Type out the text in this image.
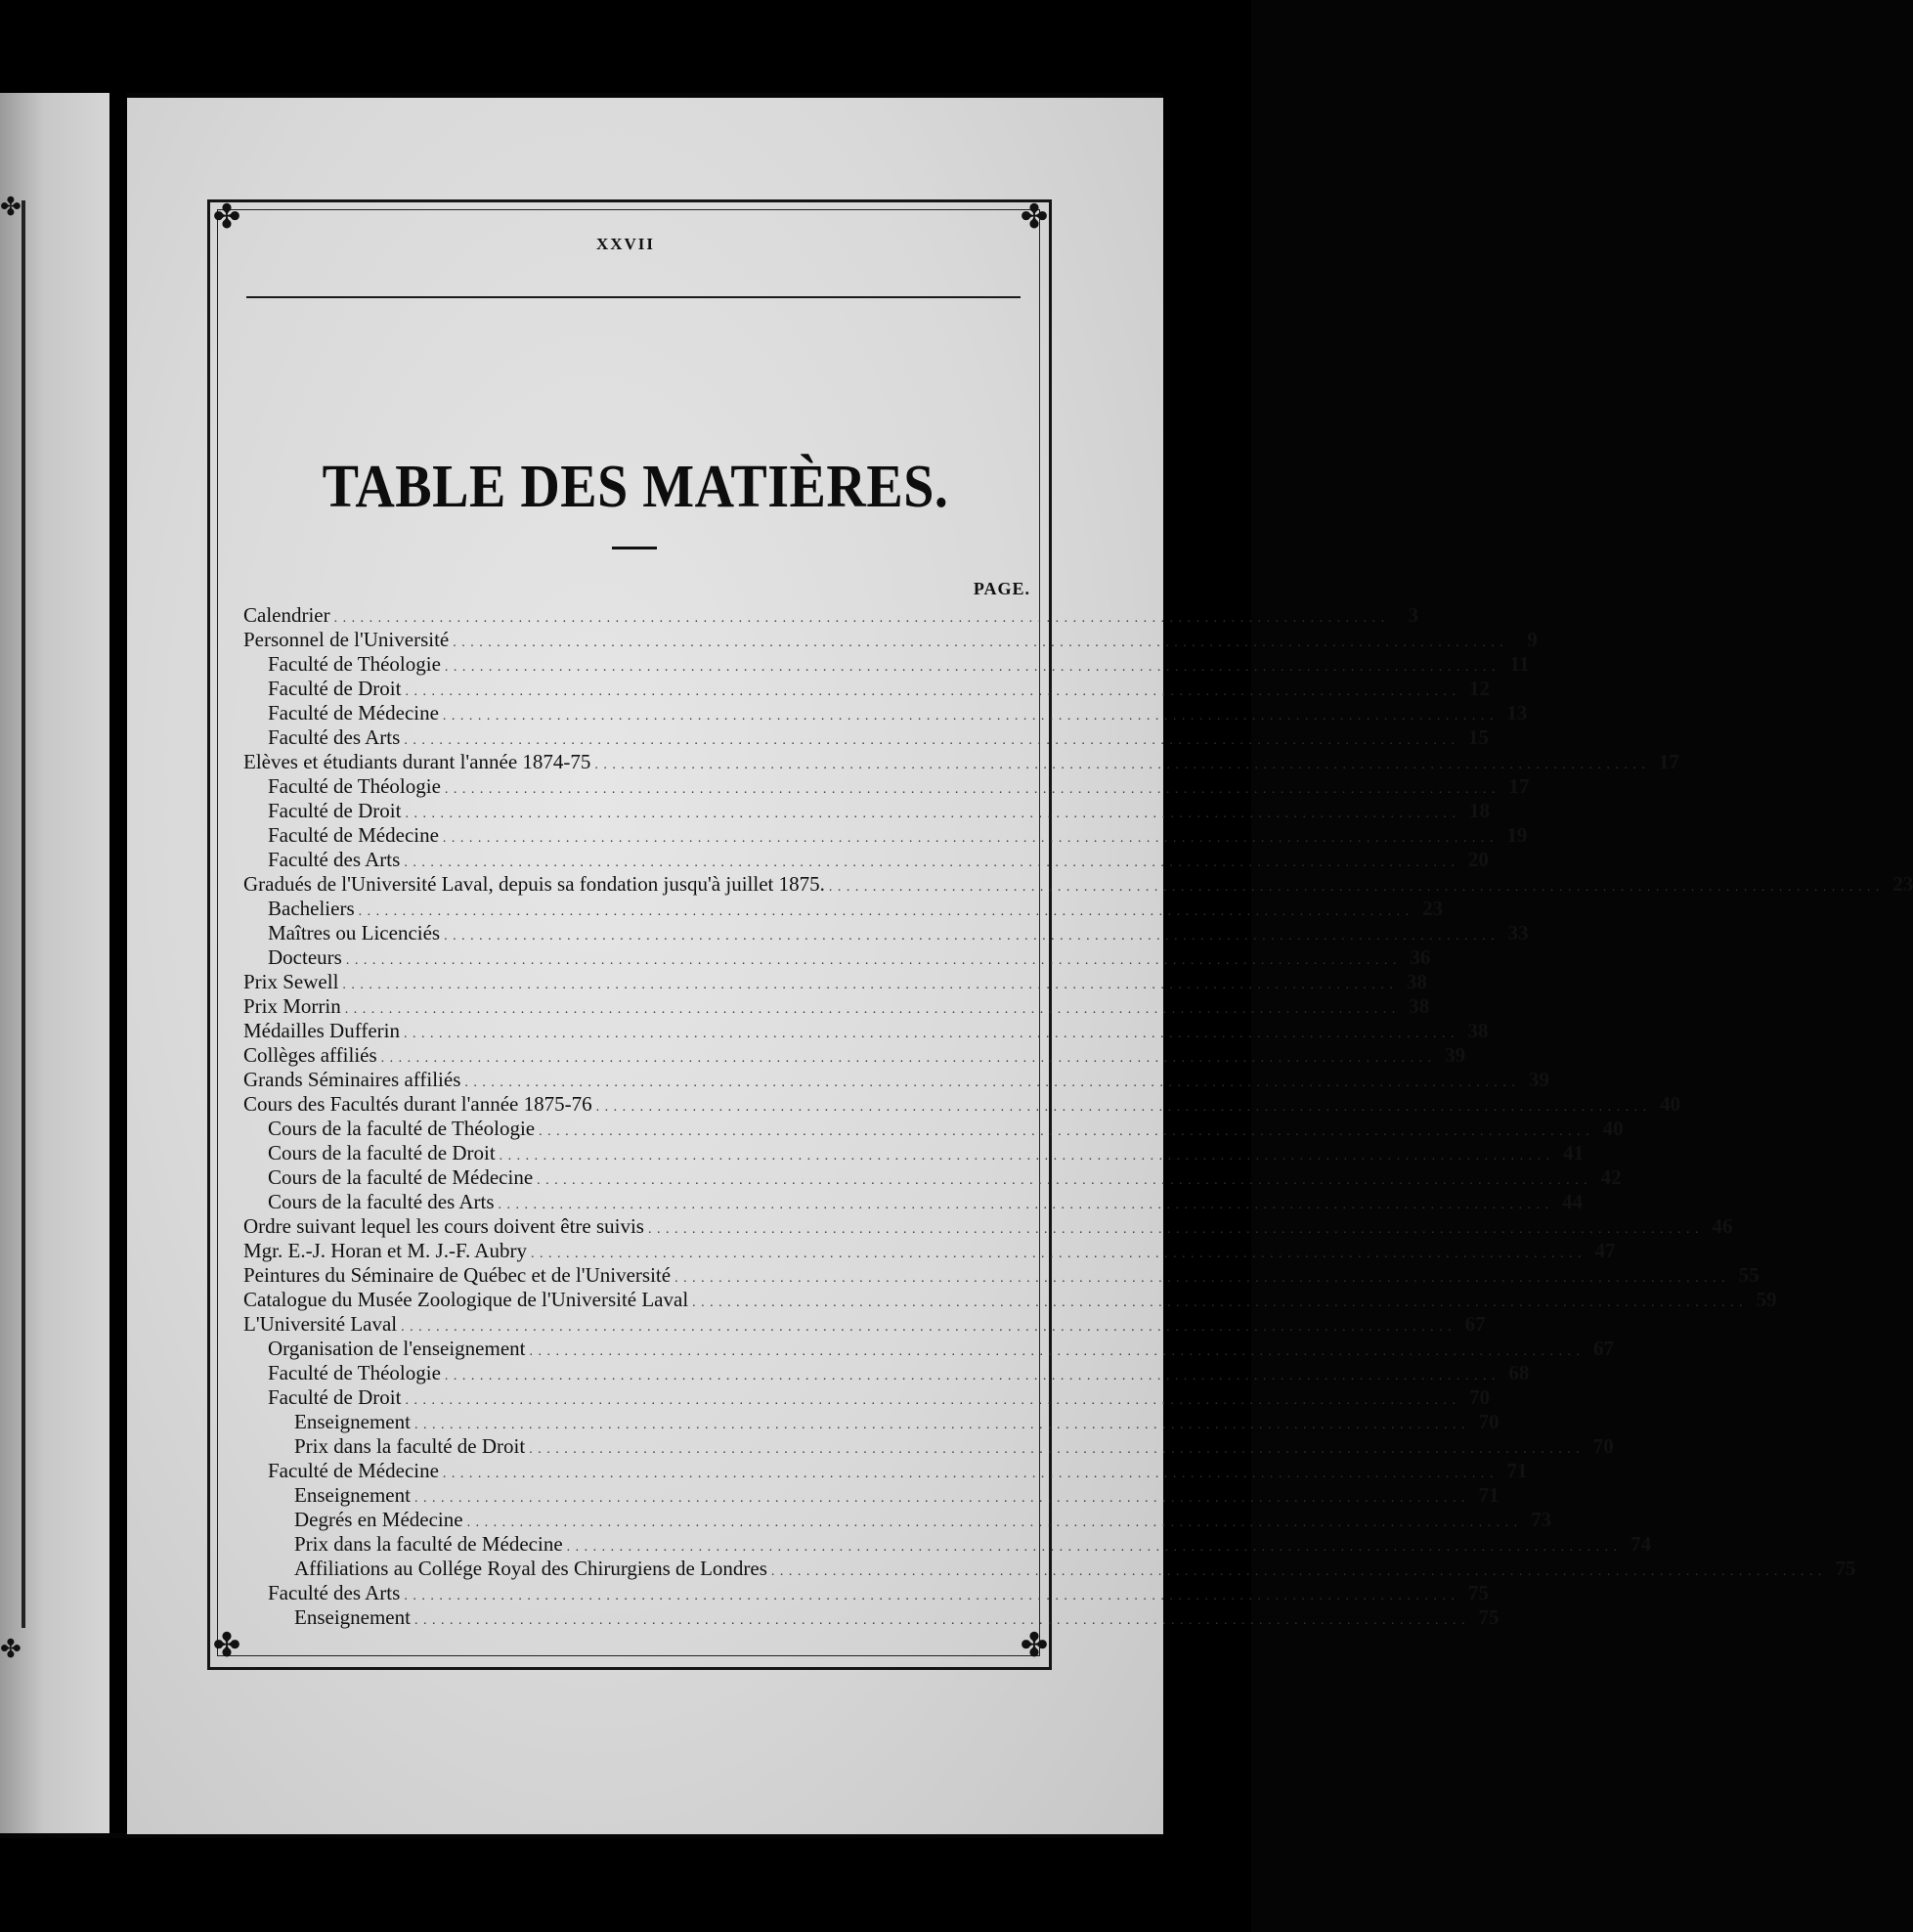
✤
✤
✤	✤
✤	✤
XXVII
TABLE DES MATIÈRES.
PAGE.
Calendrier . . . . . . . . . . . . . . . . . . . . . . . . . . . . . . . . . . . . . . . . . . . . . . . . . . . . . . . . . . . . . . . . . . . . . . . . . . . . . . . . . . . . . . . . . . . . . . . . . . . . . . . . . . . . . . . . . . . . . . . .	3
Personnel de l'Université . . . . . . . . . . . . . . . . . . . . . . . . . . . . . . . . . . . . . . . . . . . . . . . . . . . . . . . . . . . . . . . . . . . . . . . . . . . . . . . . . . . . . . . . . . . . . . . . . . . . . . . . . . . . . . . . . . . . . . . .	9
Faculté de Théologie . . . . . . . . . . . . . . . . . . . . . . . . . . . . . . . . . . . . . . . . . . . . . . . . . . . . . . . . . . . . . . . . . . . . . . . . . . . . . . . . . . . . . . . . . . . . . . . . . . . . . . . . . . . . . . . . . . . . . . . . 11
Faculté de Droit . . . . . . . . . . . . . . . . . . . . . . . . . . . . . . . . . . . . . . . . . . . . . . . . . . . . . . . . . . . . . . . . . . . . . . . . . . . . . . . . . . . . . . . . . . . . . . . . . . . . . . . . . . . . . . . . . . . . . . . . 12
Faculté de Médecine . . . . . . . . . . . . . . . . . . . . . . . . . . . . . . . . . . . . . . . . . . . . . . . . . . . . . . . . . . . . . . . . . . . . . . . . . . . . . . . . . . . . . . . . . . . . . . . . . . . . . . . . . . . . . . . . . . . . . . . . 13
Faculté des Arts . . . . . . . . . . . . . . . . . . . . . . . . . . . . . . . . . . . . . . . . . . . . . . . . . . . . . . . . . . . . . . . . . . . . . . . . . . . . . . . . . . . . . . . . . . . . . . . . . . . . . . . . . . . . . . . . . . . . . . . . 15
Elèves et étudiants durant l'année 1874-75 . . . . . . . . . . . . . . . . . . . . . . . . . . . . . . . . . . . . . . . . . . . . . . . . . . . . . . . . . . . . . . . . . . . . . . . . . . . . . . . . . . . . . . . . . . . . . . . . . . . . . . . . . . . . . . . . . . . . . . . . 17
Faculté de Théologie . . . . . . . . . . . . . . . . . . . . . . . . . . . . . . . . . . . . . . . . . . . . . . . . . . . . . . . . . . . . . . . . . . . . . . . . . . . . . . . . . . . . . . . . . . . . . . . . . . . . . . . . . . . . . . . . . . . . . . . . 17
Faculté de Droit . . . . . . . . . . . . . . . . . . . . . . . . . . . . . . . . . . . . . . . . . . . . . . . . . . . . . . . . . . . . . . . . . . . . . . . . . . . . . . . . . . . . . . . . . . . . . . . . . . . . . . . . . . . . . . . . . . . . . . . . 18
Faculté de Médecine . . . . . . . . . . . . . . . . . . . . . . . . . . . . . . . . . . . . . . . . . . . . . . . . . . . . . . . . . . . . . . . . . . . . . . . . . . . . . . . . . . . . . . . . . . . . . . . . . . . . . . . . . . . . . . . . . . . . . . . . 19
Faculté des Arts . . . . . . . . . . . . . . . . . . . . . . . . . . . . . . . . . . . . . . . . . . . . . . . . . . . . . . . . . . . . . . . . . . . . . . . . . . . . . . . . . . . . . . . . . . . . . . . . . . . . . . . . . . . . . . . . . . . . . . . . 20
Gradués de l'Université Laval, depuis sa fondation jusqu'à juillet 1875. . . . . . . . . . . . . . . . . . . . . . . . . . . . . . . . . . . . . . . . . . . . . . . . . . . . . . . . . . . . . . . . . . . . . . . . . . . . . . . . . . . . . . . . . . . . . . . . . . . . . . . . . . . . . . . . . . . . . . . . . 23
Bacheliers . . . . . . . . . . . . . . . . . . . . . . . . . . . . . . . . . . . . . . . . . . . . . . . . . . . . . . . . . . . . . . . . . . . . . . . . . . . . . . . . . . . . . . . . . . . . . . . . . . . . . . . . . . . . . . . . . . . . . . . . 23
Maîtres ou Licenciés . . . . . . . . . . . . . . . . . . . . . . . . . . . . . . . . . . . . . . . . . . . . . . . . . . . . . . . . . . . . . . . . . . . . . . . . . . . . . . . . . . . . . . . . . . . . . . . . . . . . . . . . . . . . . . . . . . . . . . . . 33
Docteurs . . . . . . . . . . . . . . . . . . . . . . . . . . . . . . . . . . . . . . . . . . . . . . . . . . . . . . . . . . . . . . . . . . . . . . . . . . . . . . . . . . . . . . . . . . . . . . . . . . . . . . . . . . . . . . . . . . . . . . . . 36
Prix Sewell . . . . . . . . . . . . . . . . . . . . . . . . . . . . . . . . . . . . . . . . . . . . . . . . . . . . . . . . . . . . . . . . . . . . . . . . . . . . . . . . . . . . . . . . . . . . . . . . . . . . . . . . . . . . . . . . . . . . . . . . 38
Prix Morrin . . . . . . . . . . . . . . . . . . . . . . . . . . . . . . . . . . . . . . . . . . . . . . . . . . . . . . . . . . . . . . . . . . . . . . . . . . . . . . . . . . . . . . . . . . . . . . . . . . . . . . . . . . . . . . . . . . . . . . . . 38
Médailles Dufferin . . . . . . . . . . . . . . . . . . . . . . . . . . . . . . . . . . . . . . . . . . . . . . . . . . . . . . . . . . . . . . . . . . . . . . . . . . . . . . . . . . . . . . . . . . . . . . . . . . . . . . . . . . . . . . . . . . . . . . . . 38
Collèges affiliés . . . . . . . . . . . . . . . . . . . . . . . . . . . . . . . . . . . . . . . . . . . . . . . . . . . . . . . . . . . . . . . . . . . . . . . . . . . . . . . . . . . . . . . . . . . . . . . . . . . . . . . . . . . . . . . . . . . . . . . . 39
Grands Séminaires affiliés . . . . . . . . . . . . . . . . . . . . . . . . . . . . . . . . . . . . . . . . . . . . . . . . . . . . . . . . . . . . . . . . . . . . . . . . . . . . . . . . . . . . . . . . . . . . . . . . . . . . . . . . . . . . . . . . . . . . . . . . 39
Cours des Facultés durant l'année 1875-76 . . . . . . . . . . . . . . . . . . . . . . . . . . . . . . . . . . . . . . . . . . . . . . . . . . . . . . . . . . . . . . . . . . . . . . . . . . . . . . . . . . . . . . . . . . . . . . . . . . . . . . . . . . . . . . . . . . . . . . . . 40
Cours de la faculté de Théologie . . . . . . . . . . . . . . . . . . . . . . . . . . . . . . . . . . . . . . . . . . . . . . . . . . . . . . . . . . . . . . . . . . . . . . . . . . . . . . . . . . . . . . . . . . . . . . . . . . . . . . . . . . . . . . . . . . . . . . . . 40
Cours de la faculté de Droit . . . . . . . . . . . . . . . . . . . . . . . . . . . . . . . . . . . . . . . . . . . . . . . . . . . . . . . . . . . . . . . . . . . . . . . . . . . . . . . . . . . . . . . . . . . . . . . . . . . . . . . . . . . . . . . . . . . . . . . . 41
Cours de la faculté de Médecine . . . . . . . . . . . . . . . . . . . . . . . . . . . . . . . . . . . . . . . . . . . . . . . . . . . . . . . . . . . . . . . . . . . . . . . . . . . . . . . . . . . . . . . . . . . . . . . . . . . . . . . . . . . . . . . . . . . . . . . . 42
Cours de la faculté des Arts . . . . . . . . . . . . . . . . . . . . . . . . . . . . . . . . . . . . . . . . . . . . . . . . . . . . . . . . . . . . . . . . . . . . . . . . . . . . . . . . . . . . . . . . . . . . . . . . . . . . . . . . . . . . . . . . . . . . . . . . 44
Ordre suivant lequel les cours doivent être suivis . . . . . . . . . . . . . . . . . . . . . . . . . . . . . . . . . . . . . . . . . . . . . . . . . . . . . . . . . . . . . . . . . . . . . . . . . . . . . . . . . . . . . . . . . . . . . . . . . . . . . . . . . . . . . . . . . . . . . . . . 46
Mgr. E.-J. Horan et M. J.-F. Aubry . . . . . . . . . . . . . . . . . . . . . . . . . . . . . . . . . . . . . . . . . . . . . . . . . . . . . . . . . . . . . . . . . . . . . . . . . . . . . . . . . . . . . . . . . . . . . . . . . . . . . . . . . . . . . . . . . . . . . . . . 47
Peintures du Séminaire de Québec et de l'Université . . . . . . . . . . . . . . . . . . . . . . . . . . . . . . . . . . . . . . . . . . . . . . . . . . . . . . . . . . . . . . . . . . . . . . . . . . . . . . . . . . . . . . . . . . . . . . . . . . . . . . . . . . . . . . . . . . . . . . . . 55
Catalogue du Musée Zoologique de l'Université Laval . . . . . . . . . . . . . . . . . . . . . . . . . . . . . . . . . . . . . . . . . . . . . . . . . . . . . . . . . . . . . . . . . . . . . . . . . . . . . . . . . . . . . . . . . . . . . . . . . . . . . . . . . . . . . . . . . . . . . . . . 59
L'Université Laval . . . . . . . . . . . . . . . . . . . . . . . . . . . . . . . . . . . . . . . . . . . . . . . . . . . . . . . . . . . . . . . . . . . . . . . . . . . . . . . . . . . . . . . . . . . . . . . . . . . . . . . . . . . . . . . . . . . . . . . . 67
Organisation de l'enseignement . . . . . . . . . . . . . . . . . . . . . . . . . . . . . . . . . . . . . . . . . . . . . . . . . . . . . . . . . . . . . . . . . . . . . . . . . . . . . . . . . . . . . . . . . . . . . . . . . . . . . . . . . . . . . . . . . . . . . . . . 67
Faculté de Théologie . . . . . . . . . . . . . . . . . . . . . . . . . . . . . . . . . . . . . . . . . . . . . . . . . . . . . . . . . . . . . . . . . . . . . . . . . . . . . . . . . . . . . . . . . . . . . . . . . . . . . . . . . . . . . . . . . . . . . . . . 68
Faculté de Droit . . . . . . . . . . . . . . . . . . . . . . . . . . . . . . . . . . . . . . . . . . . . . . . . . . . . . . . . . . . . . . . . . . . . . . . . . . . . . . . . . . . . . . . . . . . . . . . . . . . . . . . . . . . . . . . . . . . . . . . . 70
Enseignement . . . . . . . . . . . . . . . . . . . . . . . . . . . . . . . . . . . . . . . . . . . . . . . . . . . . . . . . . . . . . . . . . . . . . . . . . . . . . . . . . . . . . . . . . . . . . . . . . . . . . . . . . . . . . . . . . . . . . . . . 70
Prix dans la faculté de Droit . . . . . . . . . . . . . . . . . . . . . . . . . . . . . . . . . . . . . . . . . . . . . . . . . . . . . . . . . . . . . . . . . . . . . . . . . . . . . . . . . . . . . . . . . . . . . . . . . . . . . . . . . . . . . . . . . . . . . . . . 70
Faculté de Médecine . . . . . . . . . . . . . . . . . . . . . . . . . . . . . . . . . . . . . . . . . . . . . . . . . . . . . . . . . . . . . . . . . . . . . . . . . . . . . . . . . . . . . . . . . . . . . . . . . . . . . . . . . . . . . . . . . . . . . . . . 71
Enseignement . . . . . . . . . . . . . . . . . . . . . . . . . . . . . . . . . . . . . . . . . . . . . . . . . . . . . . . . . . . . . . . . . . . . . . . . . . . . . . . . . . . . . . . . . . . . . . . . . . . . . . . . . . . . . . . . . . . . . . . . 71
Degrés en Médecine . . . . . . . . . . . . . . . . . . . . . . . . . . . . . . . . . . . . . . . . . . . . . . . . . . . . . . . . . . . . . . . . . . . . . . . . . . . . . . . . . . . . . . . . . . . . . . . . . . . . . . . . . . . . . . . . . . . . . . . . 73
Prix dans la faculté de Médecine . . . . . . . . . . . . . . . . . . . . . . . . . . . . . . . . . . . . . . . . . . . . . . . . . . . . . . . . . . . . . . . . . . . . . . . . . . . . . . . . . . . . . . . . . . . . . . . . . . . . . . . . . . . . . . . . . . . . . . . . 74
Affiliations au Collége Royal des Chirurgiens de Londres . . . . . . . . . . . . . . . . . . . . . . . . . . . . . . . . . . . . . . . . . . . . . . . . . . . . . . . . . . . . . . . . . . . . . . . . . . . . . . . . . . . . . . . . . . . . . . . . . . . . . . . . . . . . . . . . . . . . . . . . 75
Faculté des Arts . . . . . . . . . . . . . . . . . . . . . . . . . . . . . . . . . . . . . . . . . . . . . . . . . . . . . . . . . . . . . . . . . . . . . . . . . . . . . . . . . . . . . . . . . . . . . . . . . . . . . . . . . . . . . . . . . . . . . . . . 75
Enseignement . . . . . . . . . . . . . . . . . . . . . . . . . . . . . . . . . . . . . . . . . . . . . . . . . . . . . . . . . . . . . . . . . . . . . . . . . . . . . . . . . . . . . . . . . . . . . . . . . . . . . . . . . . . . . . . . . . . . . . . . 75
